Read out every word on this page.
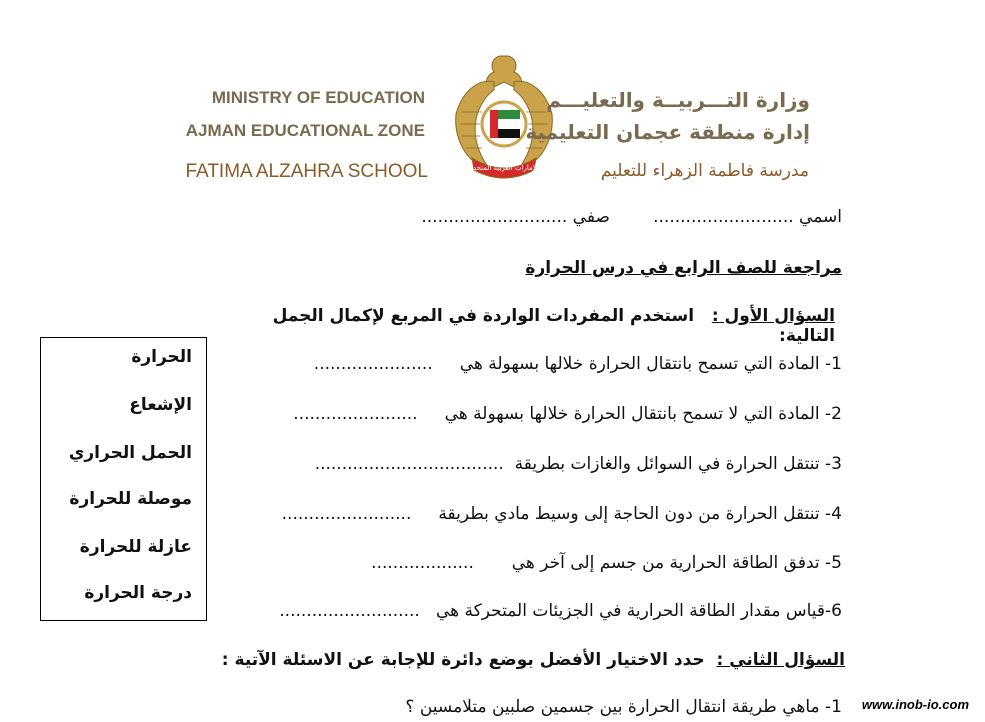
MINISTRY OF EDUCATION
AJMAN EDUCATIONAL ZONE
FATIMA ALZAHRA SCHOOL	الإمارات العربية المتحدة
وزارة التـــربيــة والتعليـــم
إدارة منطقة عجمان التعليمية
مدرسة فاطمة الزهراء للتعليم
اسمي ..........................        صفي ...........................
مراجعة للصف الرابع في درس الحرارة
السؤال الأول :   استخدم المفردات الواردة في المربع لإكمال الجمل التالية:
1- المادة التي تسمح بانتقال الحرارة خلالها بسهولة هي     ......................
2- المادة التي لا تسمح بانتقال الحرارة خلالها بسهولة هي     .......................
3- تنتقل الحرارة في السوائل والغازات بطريقة  ...................................
4- تنتقل الحرارة من دون الحاجة إلى وسيط مادي بطريقة     ........................
5- تدفق الطاقة الحرارية من جسم إلى آخر هي       ...................
6-قياس مقدار الطاقة الحرارية في الجزيئات المتحركة هي   ..........................
الحرارة
الإشعاع
الحمل الحراري
موصلة للحرارة
عازلة للحرارة
درجة الحرارة
السؤال الثاني :  حدد الاختيار الأفضل بوضع دائرة للإجابة عن الاسئلة الآتية :
1- ماهي طريقة انتقال الحرارة بين جسمين صلبين متلامسين ؟ www.inob-io.com
